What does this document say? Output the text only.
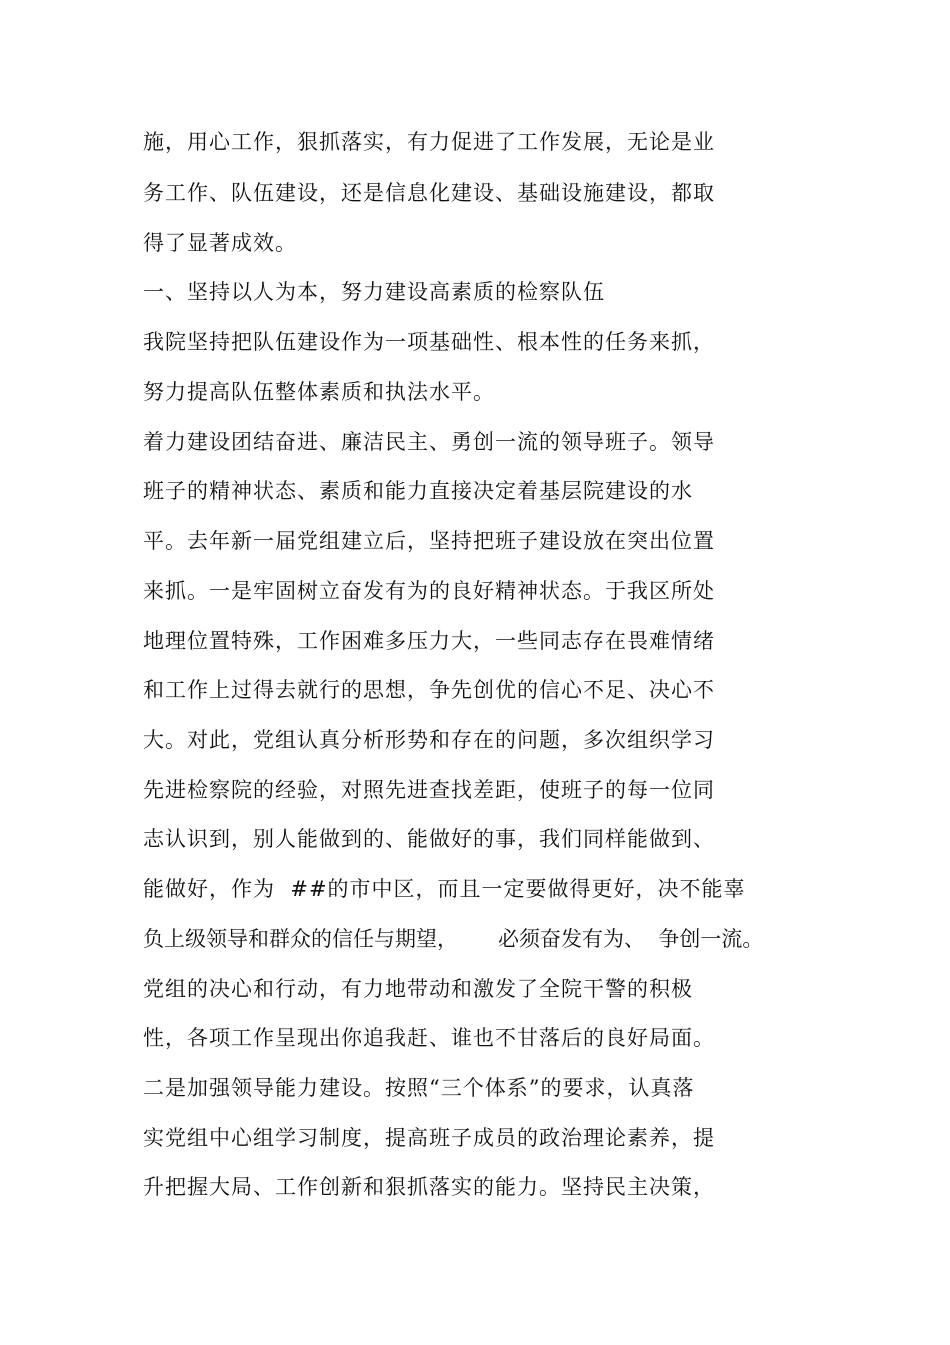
施，用心工作，狠抓落实，有力促进了工作发展，无论是业
务工作、队伍建设，还是信息化建设、基础设施建设，都取
得了显著成效。
一、坚持以人为本，努力建设高素质的检察队伍
我院坚持把队伍建设作为一项基础性、根本性的任务来抓，
努力提高队伍整体素质和执法水平。
着力建设团结奋进、廉洁民主、勇创一流的领导班子。领导
班子的精神状态、素质和能力直接决定着基层院建设的水
平。去年新一届党组建立后，坚持把班子建设放在突出位置
来抓。一是牢固树立奋发有为的良好精神状态。于我区所处
地理位置特殊，工作困难多压力大，一些同志存在畏难情绪
和工作上过得去就行的思想，争先创优的信心不足、决心不
大。对此，党组认真分析形势和存在的问题，多次组织学习
先进检察院的经验，对照先进查找差距，使班子的每一位同
志认识到，别人能做到的、能做好的事，我们同样能做到、
能做好，作为  ##的市中区，而且一定要做得更好，决不能辜
负上级领导和群众的信任与期望，      必须奋发有为、  争创一流。
党组的决心和行动，有力地带动和激发了全院干警的积极
性，各项工作呈现出你追我赶、谁也不甘落后的良好局面。
二是加强领导能力建设。按照“三个体系”的要求，认真落
实党组中心组学习制度，提高班子成员的政治理论素养，提
升把握大局、工作创新和狠抓落实的能力。坚持民主决策，
